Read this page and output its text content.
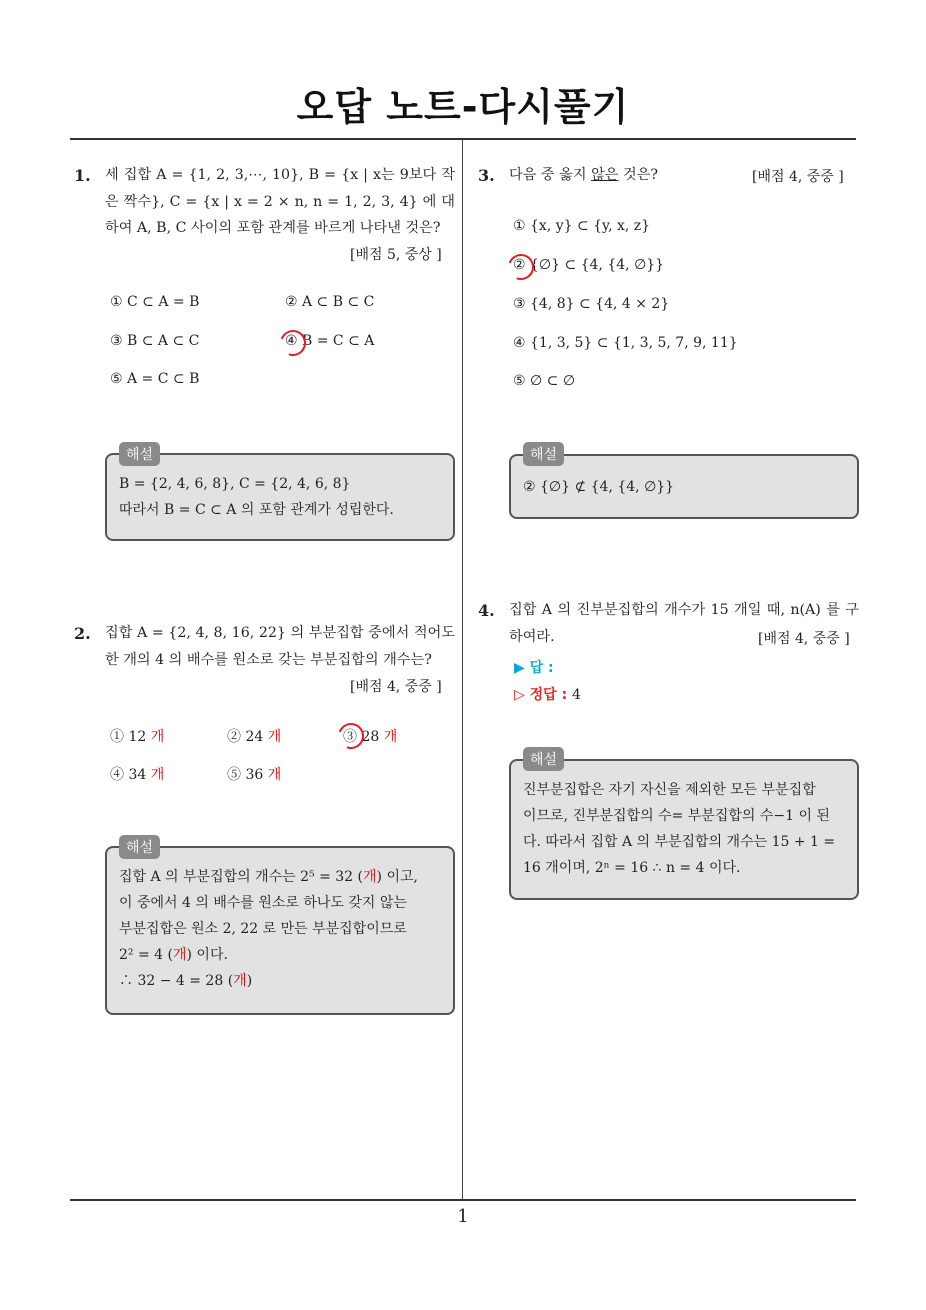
오답 노트-다시풀기
1. 세 집합 A = {1, 2, 3,⋯, 10}, B = {x | x는 9보다 작은 짝수}, C = {x | x = 2 × n, n = 1, 2, 3, 4} 에 대하여 A, B, C 사이의 포함 관계를 바르게 나타낸 것은?
[배점 5, 중상 ]
① C ⊂ A = B	② A ⊂ B ⊂ C
③ B ⊂ A ⊂ C	④ B = C ⊂ A
⑤ A = C ⊂ B
B = {2, 4, 6, 8}, C = {2, 4, 6, 8}
따라서 B = C ⊂ A 의 포함 관계가 성립한다.
해설
2. 집합 A = {2, 4, 8, 16, 22} 의 부분집합 중에서 적어도 한 개의 4 의 배수를 원소로 갖는 부분집합의 개수는?
[배점 4, 중중 ]
① 12 개	② 24 개	③ 28 개
④ 34 개	⑤ 36 개
집합 A 의 부분집합의 개수는 2⁵ = 32 (개) 이고,
이 중에서 4 의 배수를 원소로 하나도 갖지 않는
부분집합은 원소 2, 22 로 만든 부분집합이므로
2² = 4 (개) 이다.
∴ 32 − 4 = 28 (개)
해설
3. 다음 중 옳지 않은 것은?	[배점 4, 중중 ]
① {x, y} ⊂ {y, x, z}
② {∅} ⊂ {4, {4, ∅}}
③ {4, 8} ⊂ {4, 4 × 2}
④ {1, 3, 5} ⊂ {1, 3, 5, 7, 9, 11}
⑤ ∅ ⊂ ∅
② {∅} ⊄ {4, {4, ∅}}
해설
4. 집합 A 의 진부분집합의 개수가 15 개일 때, n(A) 를 구하여라.	[배점 4, 중중 ]
▶ 답 :
▷ 정답 : 4
진부분집합은 자기 자신을 제외한 모든 부분집합
이므로, 진부분집합의 수= 부분집합의 수−1 이 된
다. 따라서 집합 A 의 부분집합의 개수는 15 + 1 =
16 개이며, 2ⁿ = 16 ∴ n = 4 이다.
해설
1
